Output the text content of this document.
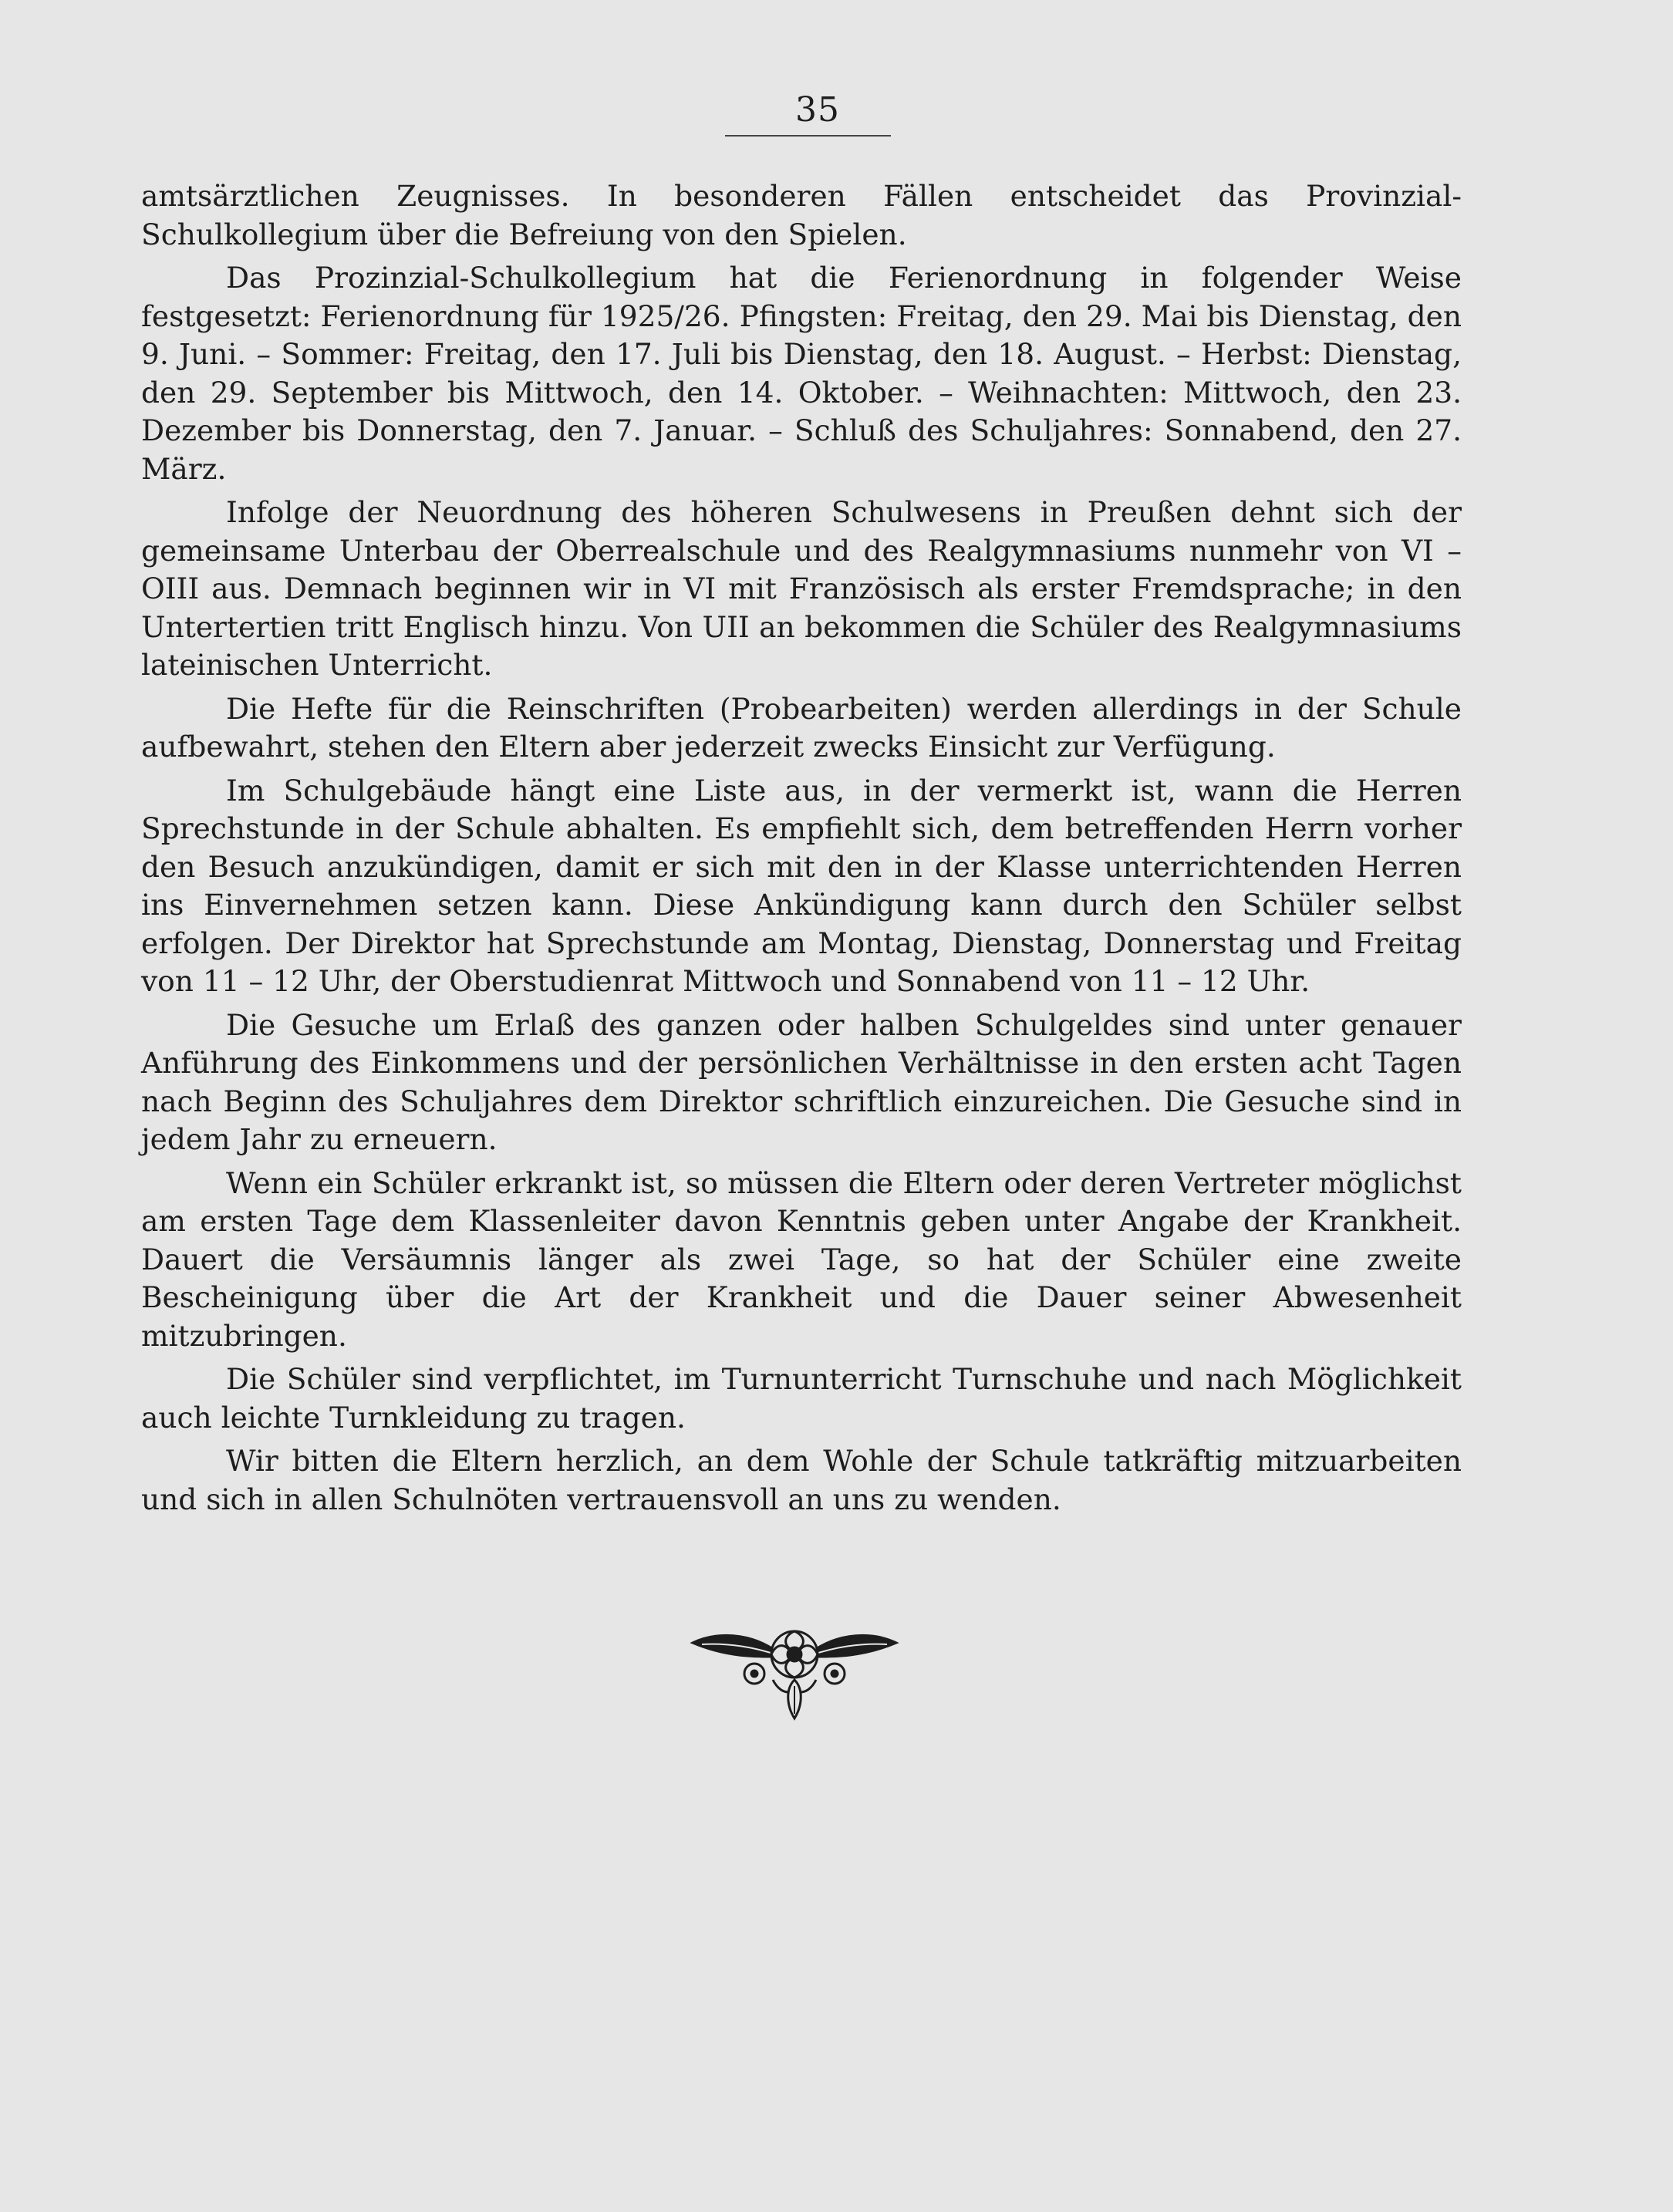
35

amtsärztlichen Zeugnisses. In besonderen Fällen entscheidet das Provinzial-Schulkollegium über die Befreiung von den Spielen.

Das Prozinzial-Schulkollegium hat die Ferienordnung in folgender Weise festgesetzt: Ferienordnung für 1925/26. Pfingsten: Freitag, den 29. Mai bis Dienstag, den 9. Juni. – Sommer: Freitag, den 17. Juli bis Dienstag, den 18. August. – Herbst: Dienstag, den 29. September bis Mittwoch, den 14. Oktober. – Weihnachten: Mittwoch, den 23. Dezember bis Donnerstag, den 7. Januar. – Schluß des Schuljahres: Sonnabend, den 27. März.

Infolge der Neuordnung des höheren Schulwesens in Preußen dehnt sich der gemeinsame Unterbau der Oberrealschule und des Realgymnasiums nunmehr von VI – OIII aus. Demnach beginnen wir in VI mit Französisch als erster Fremdsprache; in den Untertertien tritt Englisch hinzu. Von UII an bekommen die Schüler des Realgymnasiums lateinischen Unterricht.

Die Hefte für die Reinschriften (Probearbeiten) werden allerdings in der Schule aufbewahrt, stehen den Eltern aber jederzeit zwecks Einsicht zur Verfügung.

Im Schulgebäude hängt eine Liste aus, in der vermerkt ist, wann die Herren Sprechstunde in der Schule abhalten. Es empfiehlt sich, dem betreffenden Herrn vorher den Besuch anzukündigen, damit er sich mit den in der Klasse unterrichtenden Herren ins Einvernehmen setzen kann. Diese Ankündigung kann durch den Schüler selbst erfolgen. Der Direktor hat Sprechstunde am Montag, Dienstag, Donnerstag und Freitag von 11 – 12 Uhr, der Oberstudienrat Mittwoch und Sonnabend von 11 – 12 Uhr.

Die Gesuche um Erlaß des ganzen oder halben Schulgeldes sind unter genauer Anführung des Einkommens und der persönlichen Verhältnisse in den ersten acht Tagen nach Beginn des Schuljahres dem Direktor schriftlich einzureichen. Die Gesuche sind in jedem Jahr zu erneuern.

Wenn ein Schüler erkrankt ist, so müssen die Eltern oder deren Vertreter möglichst am ersten Tage dem Klassenleiter davon Kenntnis geben unter Angabe der Krankheit. Dauert die Versäumnis länger als zwei Tage, so hat der Schüler eine zweite Bescheinigung über die Art der Krankheit und die Dauer seiner Abwesenheit mitzubringen.

Die Schüler sind verpflichtet, im Turnunterricht Turnschuhe und nach Möglichkeit auch leichte Turnkleidung zu tragen.

Wir bitten die Eltern herzlich, an dem Wohle der Schule tatkräftig mitzuarbeiten und sich in allen Schulnöten vertrauensvoll an uns zu wenden.
